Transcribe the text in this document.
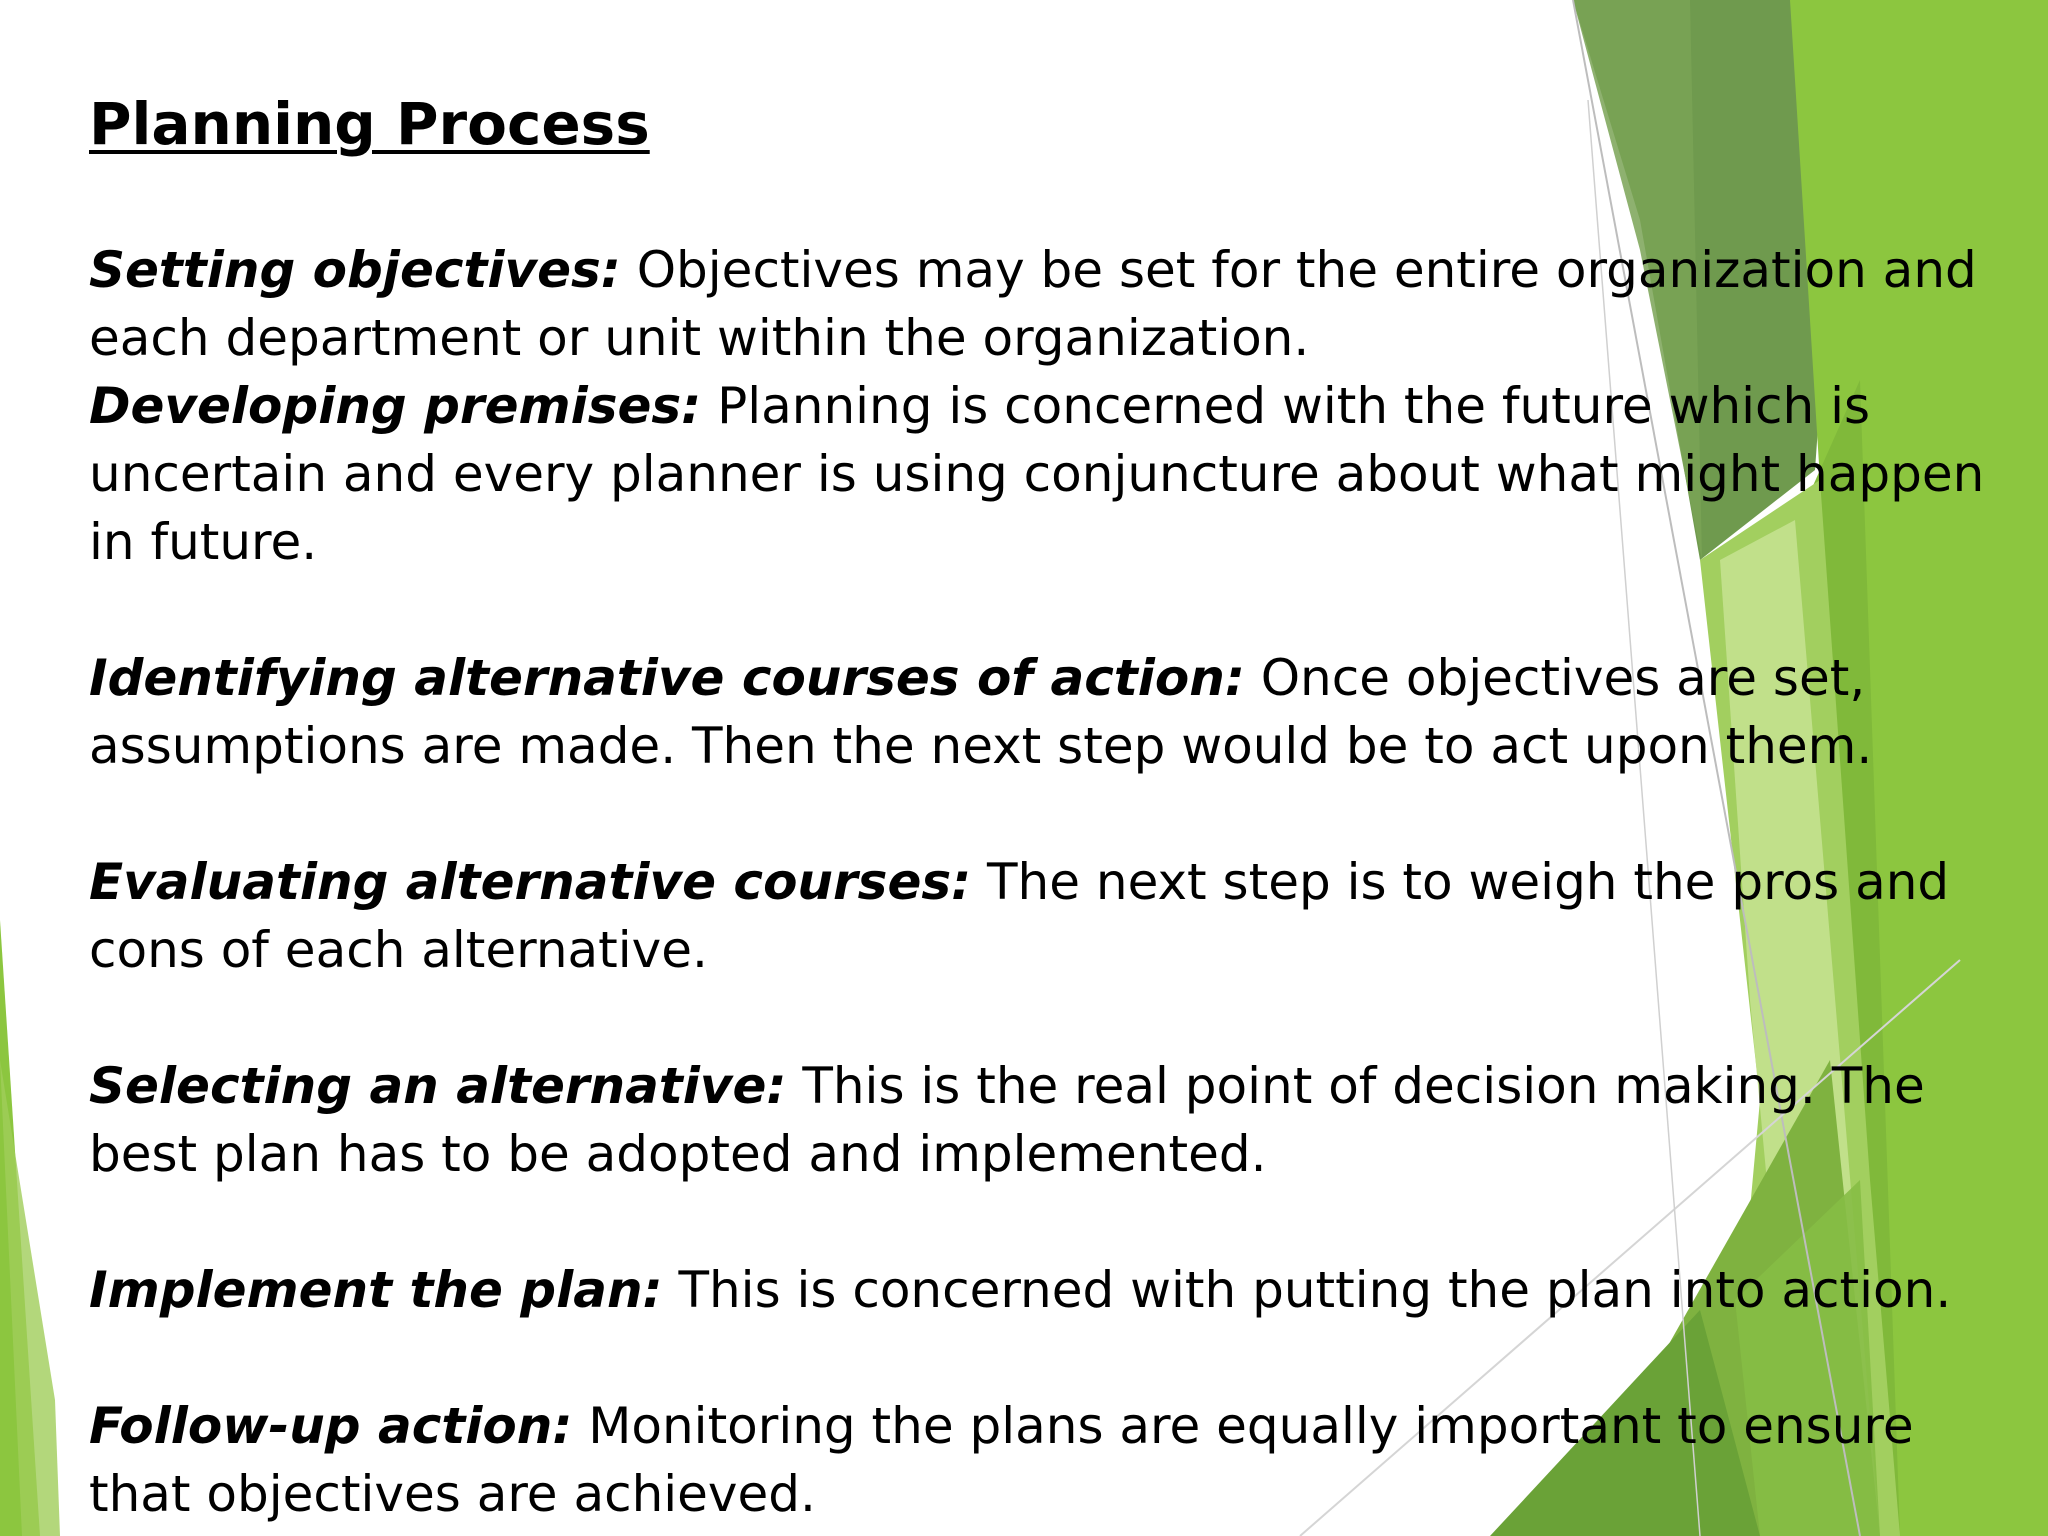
Planning Process

Setting objectives: Objectives may be set for the entire organization and each department or unit within the organization.

Developing premises: Planning is concerned with the future which is uncertain and every planner is using conjuncture about what might happen in future.

Identifying alternative courses of action: Once objectives are set, assumptions are made. Then the next step would be to act upon them.

Evaluating alternative courses: The next step is to weigh the pros and cons of each alternative.

Selecting an alternative: This is the real point of decision making. The best plan has to be adopted and implemented.

Implement the plan: This is concerned with putting the plan into action.

Follow-up action: Monitoring the plans are equally important to ensure that objectives are achieved.
